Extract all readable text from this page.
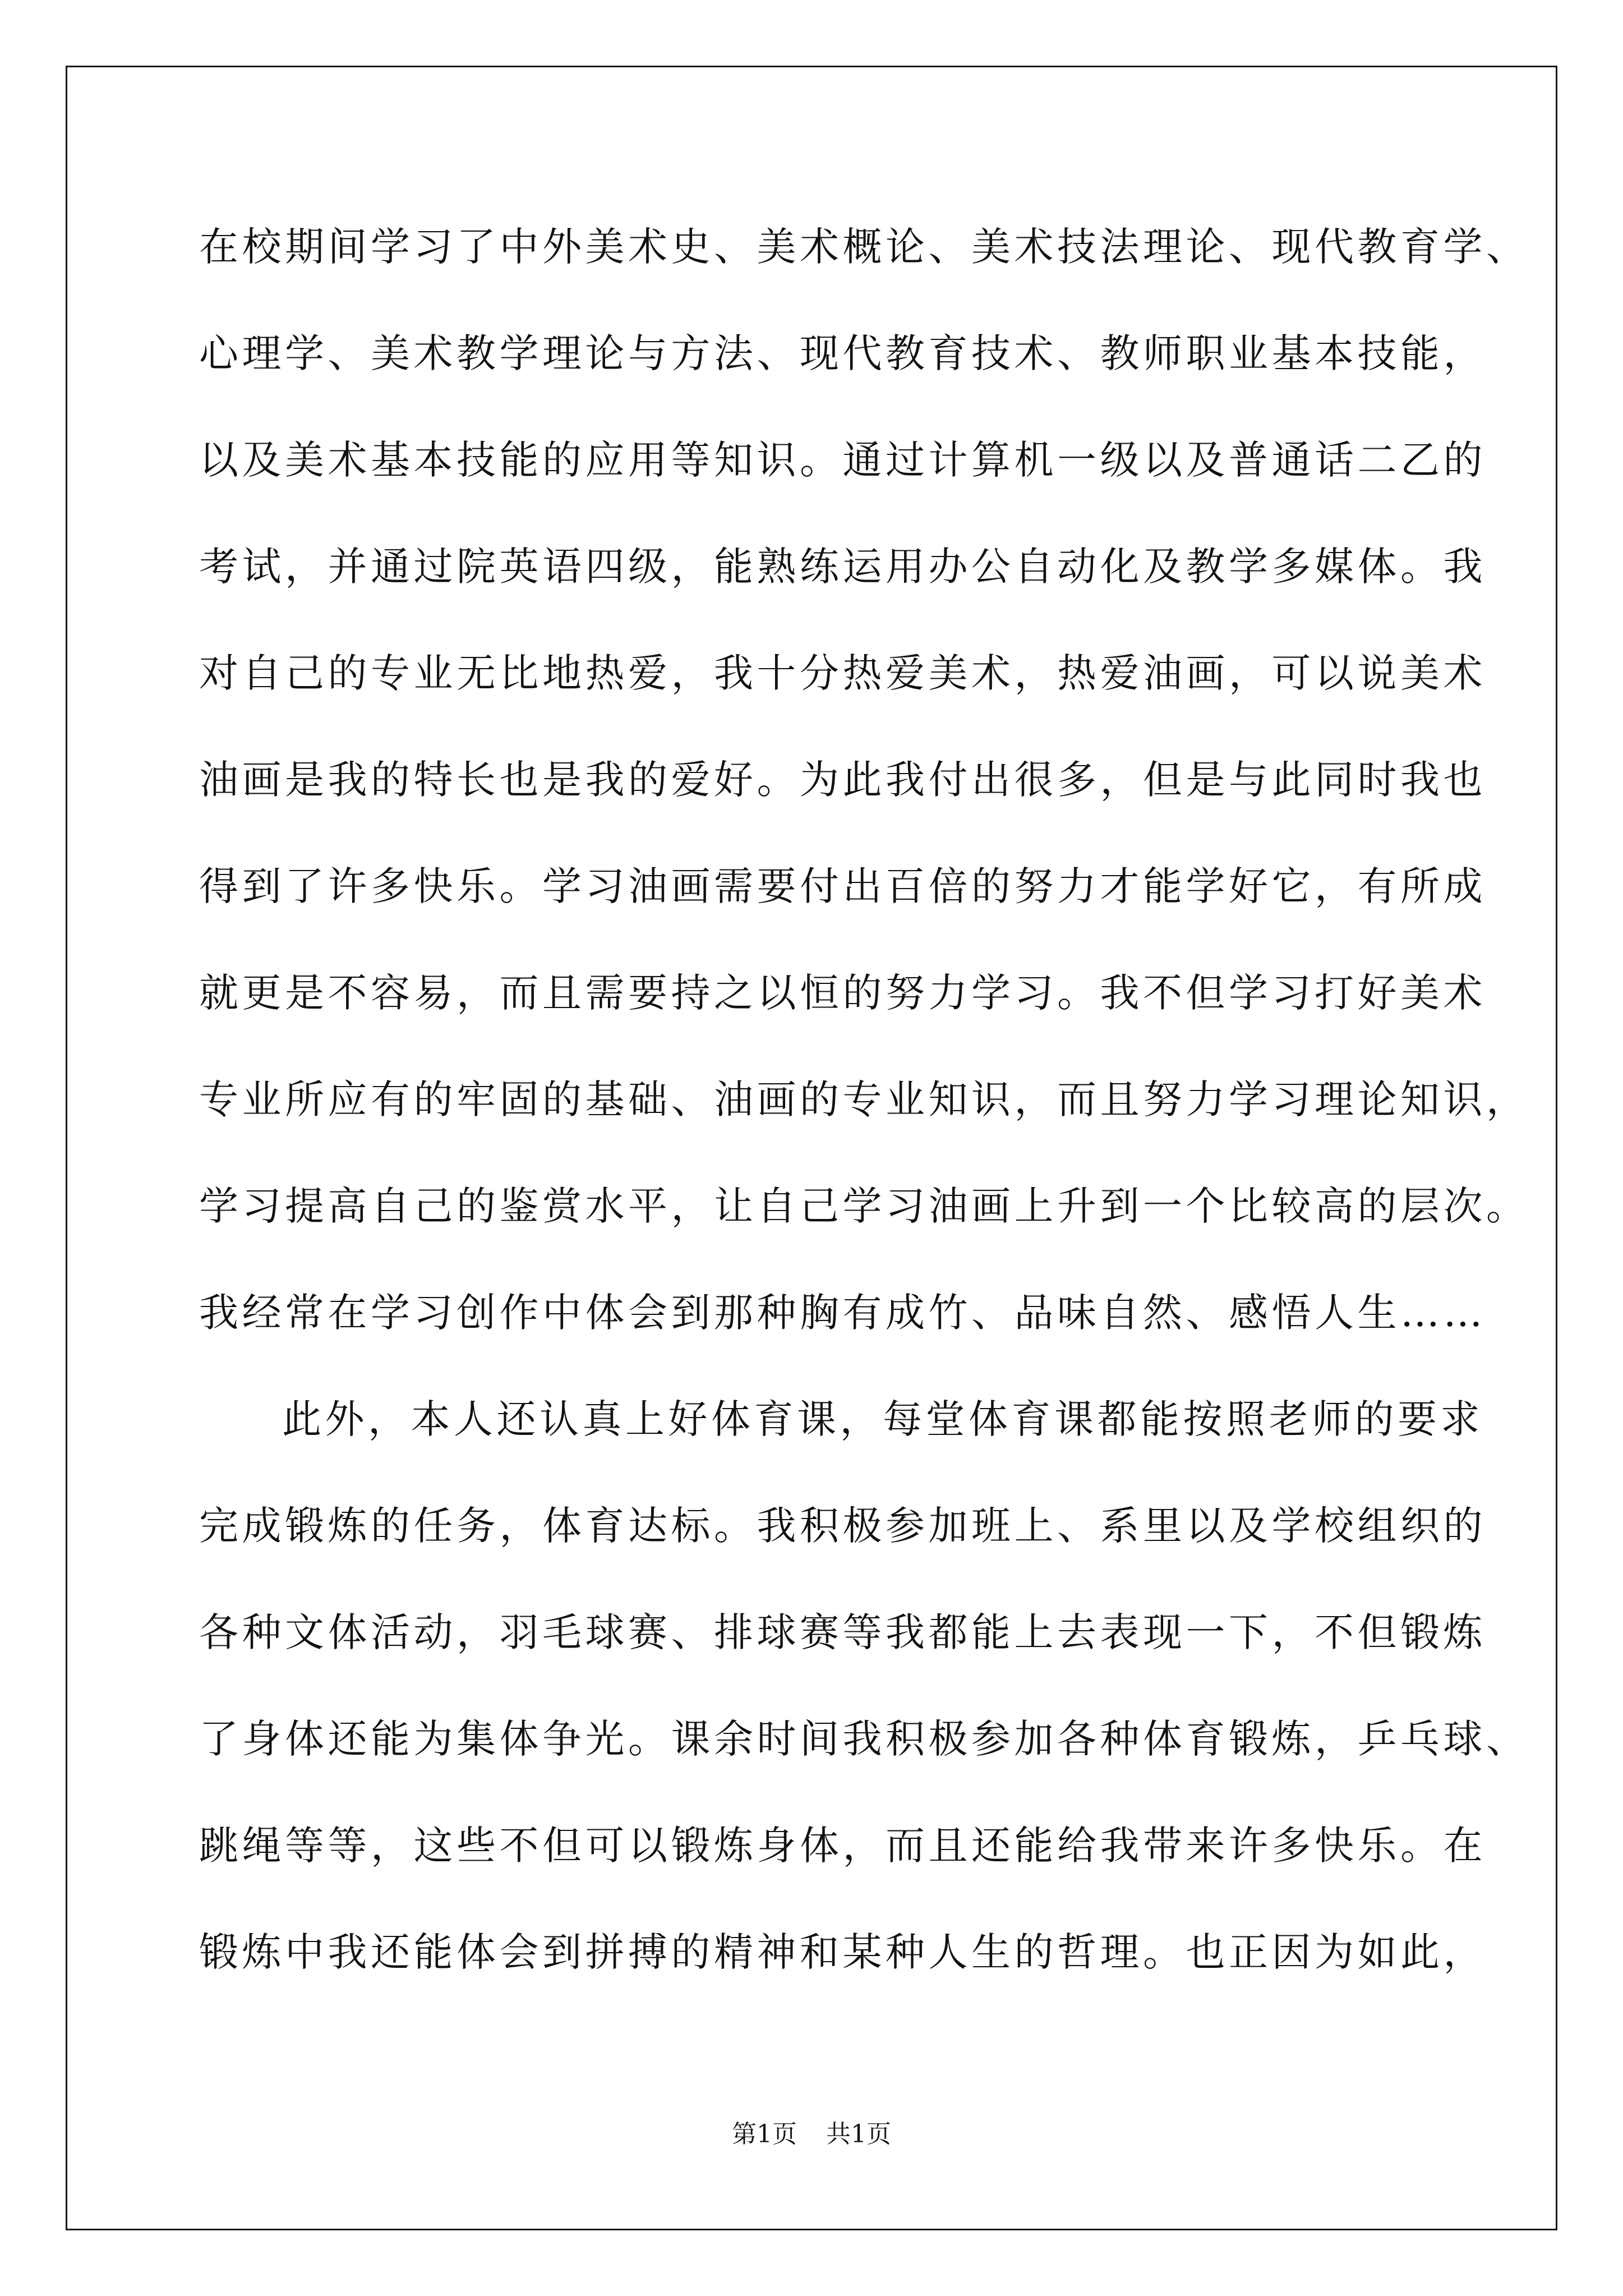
在校期间学习了中外美术史、美术概论、美术技法理论、现代教育学、
心理学、美术教学理论与方法、现代教育技术、教师职业基本技能，
以及美术基本技能的应用等知识。通过计算机一级以及普通话二乙的
考试，并通过院英语四级，能熟练运用办公自动化及教学多媒体。我
对自己的专业无比地热爱，我十分热爱美术，热爱油画，可以说美术
油画是我的特长也是我的爱好。为此我付出很多，但是与此同时我也
得到了许多快乐。学习油画需要付出百倍的努力才能学好它，有所成
就更是不容易，而且需要持之以恒的努力学习。我不但学习打好美术
专业所应有的牢固的基础、油画的专业知识，而且努力学习理论知识，
学习提高自己的鉴赏水平，让自己学习油画上升到一个比较高的层次。
我经常在学习创作中体会到那种胸有成竹、品味自然、感悟人生……
此外，本人还认真上好体育课，每堂体育课都能按照老师的要求
完成锻炼的任务，体育达标。我积极参加班上、系里以及学校组织的
各种文体活动，羽毛球赛、排球赛等我都能上去表现一下，不但锻炼
了身体还能为集体争光。课余时间我积极参加各种体育锻炼，乒乓球、
跳绳等等，这些不但可以锻炼身体，而且还能给我带来许多快乐。在
锻炼中我还能体会到拼搏的精神和某种人生的哲理。也正因为如此，
第1页 共1页
